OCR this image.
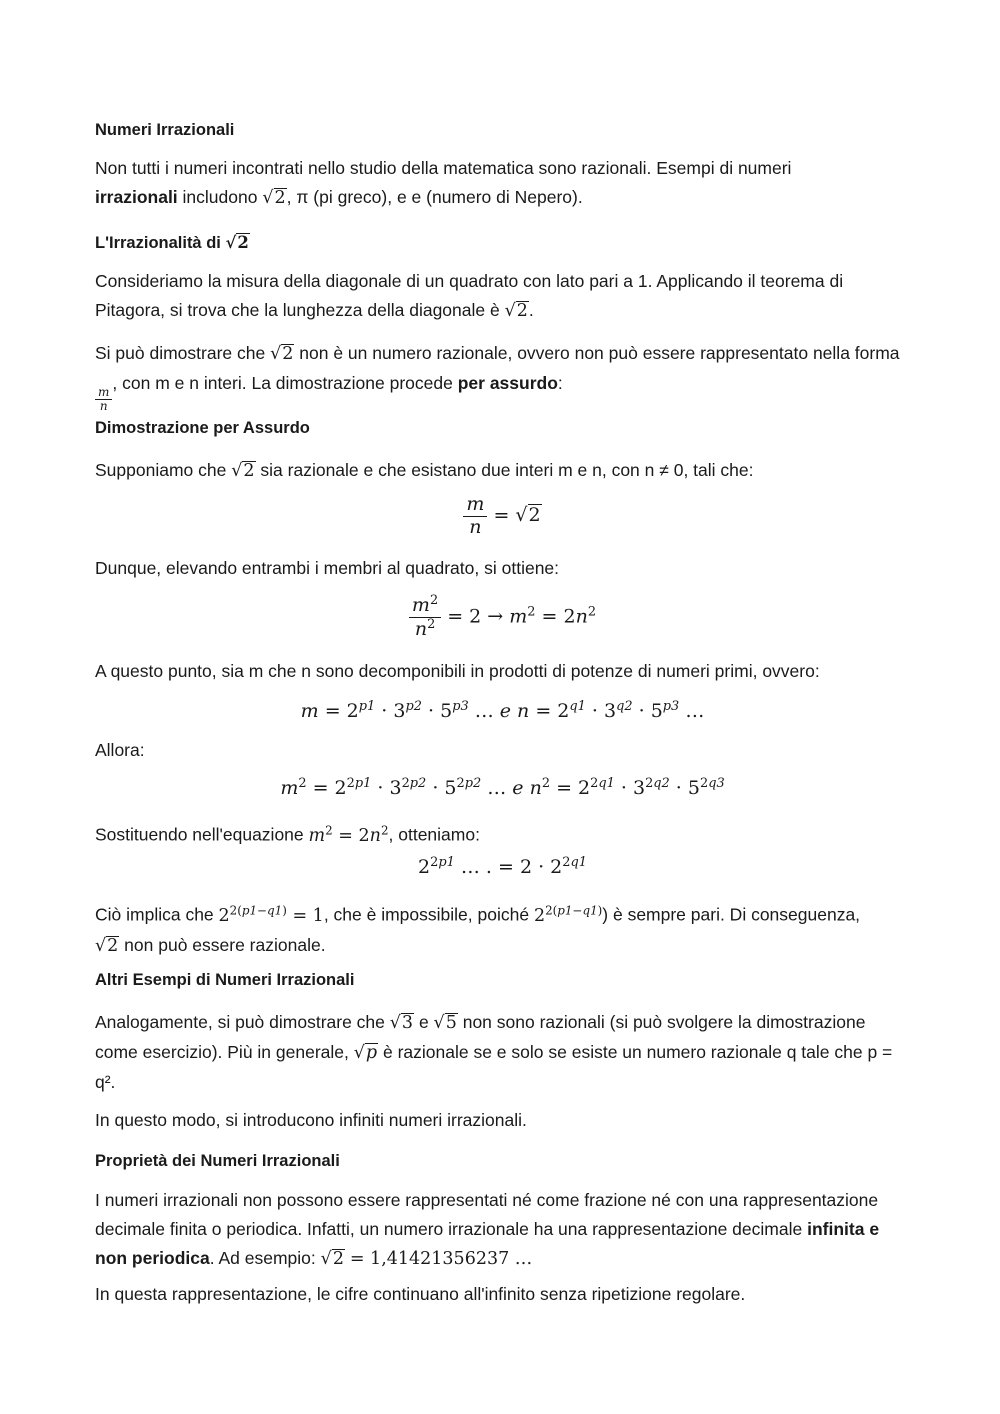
Numeri Irrazionali
Non tutti i numeri incontrati nello studio della matematica sono razionali. Esempi di numeri
irrazionali includono √2, π (pi greco), e e (numero di Nepero).
L'Irrazionalità di √2
Consideriamo la misura della diagonale di un quadrato con lato pari a 1. Applicando il teorema di Pitagora, si trova che la lunghezza della diagonale è √2.
Si può dimostrare che √2 non è un numero razionale, ovvero non può essere rappresentato nella forma
$\frac{m}{n}$
, con m e n interi. La dimostrazione procede per assurdo:
Dimostrazione per Assurdo
Supponiamo che √2 sia razionale e che esistano due interi m e n, con n ≠ 0, tali che:
$\frac{m}{n} = √2$
Dunque, elevando entrambi i membri al quadrato, si ottiene:
$\frac{m^2}{n^2} = 2 \to m^2 = 2n^2$
A questo punto, sia m che n sono decomponibili in prodotti di potenze di numeri primi, ovvero:
$m = 2^{p1} \cdot 3^{p2} \cdot 5^{p3}$ … e $n = 2^{q1} \cdot 3^{q2} \cdot 5^{p3}$ …
Allora:
$m^2 = 2^{2p1} \cdot 3^{2p2} \cdot 5^{2p2}$ … e $n^2 = 2^{2q1} \cdot 3^{2q2} \cdot 5^{2q3}$
Sostituendo nell'equazione $m^2 = 2n^2$, otteniamo:
$2^{2p1}$ … . = $2 \cdot 2^{2q1}$
Ciò implica che $2^{2(p1-q1)} = 1$, che è impossibile, poiché $2^{2(p1-q1)}$) è sempre pari. Di conseguenza,
√2 non può essere razionale.
Altri Esempi di Numeri Irrazionali
Analogamente, si può dimostrare che √3 e √5 non sono razionali (si può svolgere la dimostrazione come esercizio). Più in generale, √p è razionale se e solo se esiste un numero razionale q tale che p = q².
In questo modo, si introducono infiniti numeri irrazionali.
Proprietà dei Numeri Irrazionali
I numeri irrazionali non possono essere rappresentati né come frazione né con una rappresentazione decimale finita o periodica. Infatti, un numero irrazionale ha una rappresentazione decimale infinita e non periodica. Ad esempio: √2 = 1,41421356237 …
In questa rappresentazione, le cifre continuano all'infinito senza ripetizione regolare.
